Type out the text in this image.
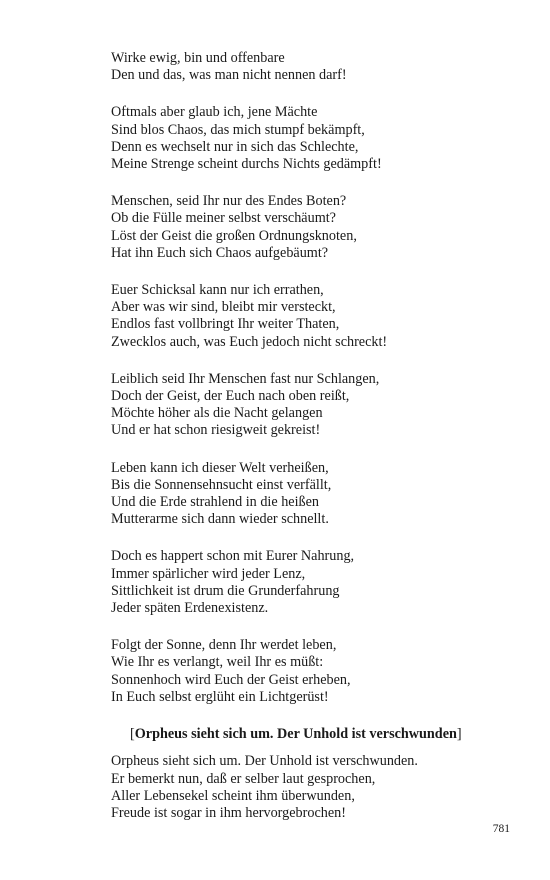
Wirke ewig, bin und offenbare
Den und das, was man nicht nennen darf!
Oftmals aber glaub ich, jene Mächte
Sind blos Chaos, das mich stumpf bekämpft,
Denn es wechselt nur in sich das Schlechte,
Meine Strenge scheint durchs Nichts gedämpft!
Menschen, seid Ihr nur des Endes Boten?
Ob die Fülle meiner selbst verschäumt?
Löst der Geist die großen Ordnungsknoten,
Hat ihn Euch sich Chaos aufgebäumt?
Euer Schicksal kann nur ich errathen,
Aber was wir sind, bleibt mir versteckt,
Endlos fast vollbringt Ihr weiter Thaten,
Zwecklos auch, was Euch jedoch nicht schreckt!
Leiblich seid Ihr Menschen fast nur Schlangen,
Doch der Geist, der Euch nach oben reißt,
Möchte höher als die Nacht gelangen
Und er hat schon riesigweit gekreist!
Leben kann ich dieser Welt verheißen,
Bis die Sonnensehnsucht einst verfällt,
Und die Erde strahlend in die heißen
Mutterarme sich dann wieder schnellt.
Doch es happert schon mit Eurer Nahrung,
Immer spärlicher wird jeder Lenz,
Sittlichkeit ist drum die Grunderfahrung
Jeder späten Erdenexistenz.
Folgt der Sonne, denn Ihr werdet leben,
Wie Ihr es verlangt, weil Ihr es müßt:
Sonnenhoch wird Euch der Geist erheben,
In Euch selbst erglüht ein Lichtgerüst!
[Orpheus sieht sich um. Der Unhold ist verschwunden]
Orpheus sieht sich um. Der Unhold ist verschwunden.
Er bemerkt nun, daß er selber laut gesprochen,
Aller Lebensekel scheint ihm überwunden,
Freude ist sogar in ihm hervorgebrochen!
781
